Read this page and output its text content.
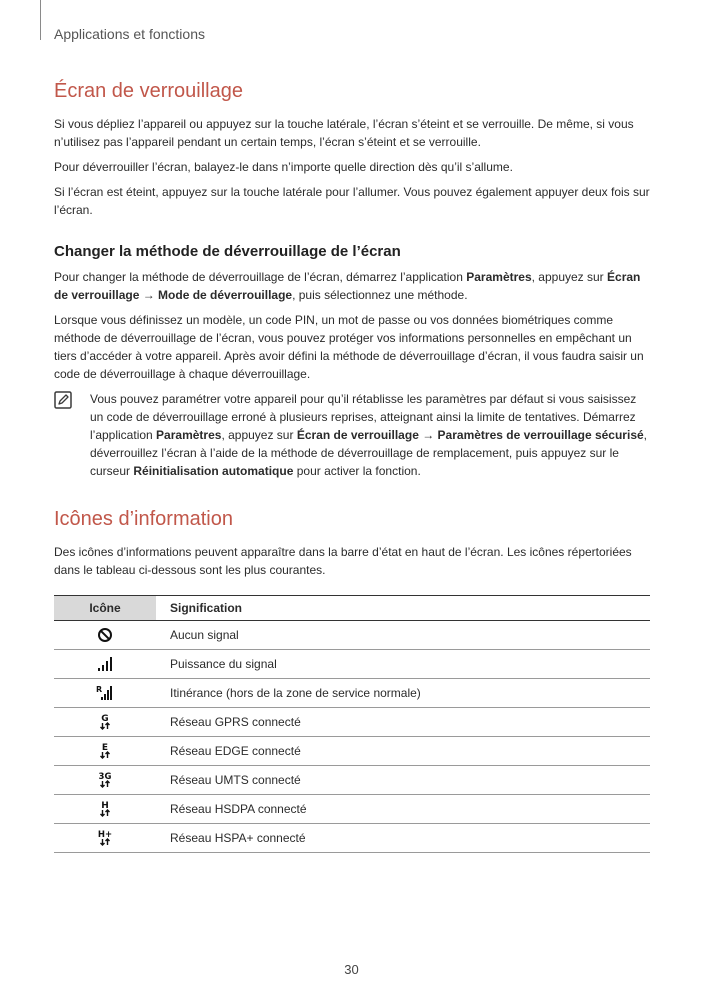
Applications et fonctions
Écran de verrouillage

Si vous dépliez l’appareil ou appuyez sur la touche latérale, l’écran s’éteint et se verrouille. De même, si vous n’utilisez pas l’appareil pendant un certain temps, l’écran s’éteint et se verrouille.

Pour déverrouiller l’écran, balayez-le dans n’importe quelle direction dès qu’il s’allume.

Si l’écran est éteint, appuyez sur la touche latérale pour l’allumer. Vous pouvez également appuyer deux fois sur l’écran.

Changer la méthode de déverrouillage de l’écran

Pour changer la méthode de déverrouillage de l’écran, démarrez l’application Paramètres, appuyez sur Écran de verrouillage → Mode de déverrouillage, puis sélectionnez une méthode.

Lorsque vous définissez un modèle, un code PIN, un mot de passe ou vos données biométriques comme méthode de déverrouillage de l’écran, vous pouvez protéger vos informations personnelles en empêchant un tiers d’accéder à votre appareil. Après avoir défini la méthode de déverrouillage d’écran, il vous faudra saisir un code de déverrouillage à chaque déverrouillage.

Vous pouvez paramétrer votre appareil pour qu’il rétablisse les paramètres par défaut si vous saisissez un code de déverrouillage erroné à plusieurs reprises, atteignant ainsi la limite de tentatives. Démarrez l’application Paramètres, appuyez sur Écran de verrouillage → Paramètres de verrouillage sécurisé, déverrouillez l’écran à l’aide de la méthode de déverrouillage de remplacement, puis appuyez sur le curseur Réinitialisation automatique pour activer la fonction.

Icônes d’information

Des icônes d’informations peuvent apparaître dans la barre d’état en haut de l’écran. Les icônes répertoriées dans le tableau ci-dessous sont les plus courantes.

Icône	Signification
	Aucun signal
	Puissance du signal

R	Itinérance (hors de la zone de service normale)

G	Réseau GPRS connecté

E	Réseau EDGE connecté

3G	Réseau UMTS connecté

H	Réseau HSDPA connecté

H+	Réseau HSPA+ connecté
30
